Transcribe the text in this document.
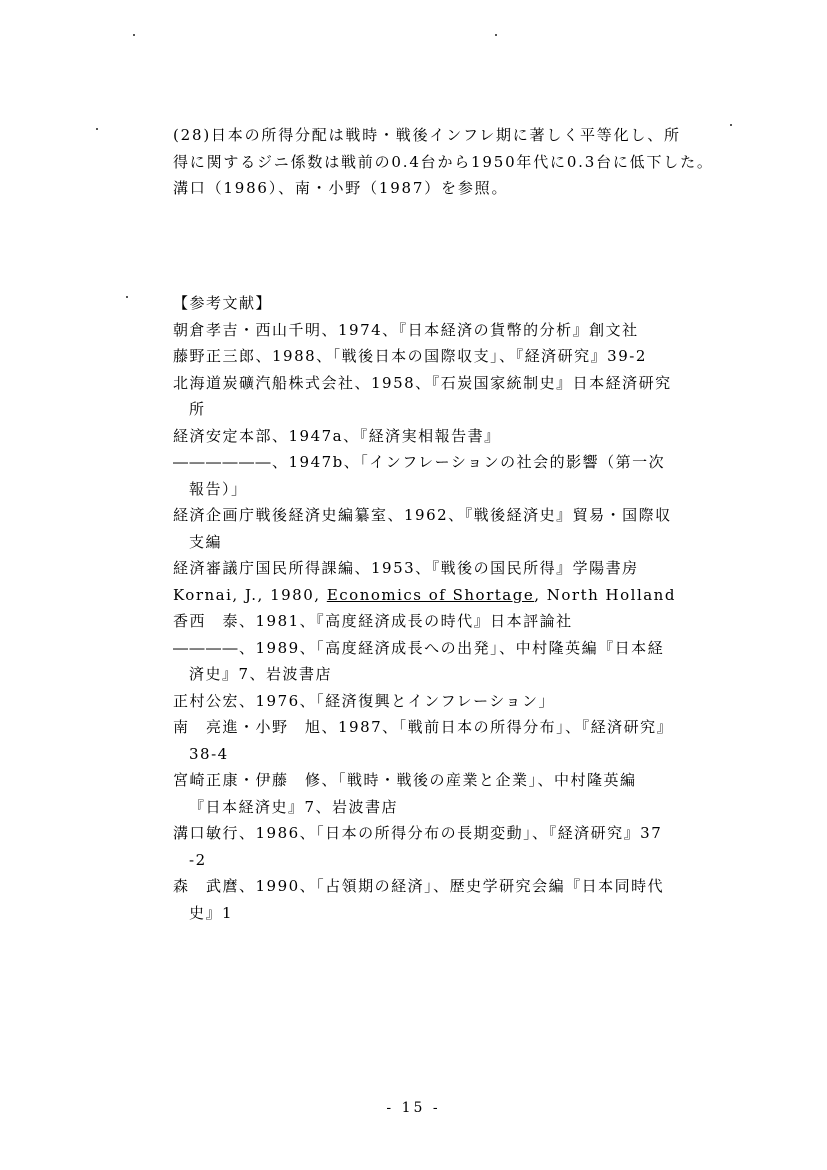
(28)日本の所得分配は戦時・戦後インフレ期に著しく平等化し、所

得に関するジニ係数は戦前の0.4台から1950年代に0.3台に低下した。

溝口（1986）、南・小野（1987）を参照。

【参考文献】

朝倉孝吉・西山千明、1974、『日本経済の貨幣的分析』創文社
藤野正三郎、1988、「戦後日本の国際収支」、『経済研究』39-2
北海道炭礦汽船株式会社、1958、『石炭国家統制史』日本経済研究
所
経済安定本部、1947a、『経済実相報告書』
――――――、1947b、「インフレーションの社会的影響（第一次
報告）」
経済企画庁戦後経済史編纂室、1962、『戦後経済史』貿易・国際収
支編
経済審議庁国民所得課編、1953、『戦後の国民所得』学陽書房
Kornai, J., 1980, Economics of Shortage, North Holland
香西　泰、1981、『高度経済成長の時代』日本評論社
――――、1989、「高度経済成長への出発」、中村隆英編『日本経
済史』7、岩波書店
正村公宏、1976、「経済復興とインフレーション」
南　亮進・小野　旭、1987、「戦前日本の所得分布」、『経済研究』
38-4
宮崎正康・伊藤　修、「戦時・戦後の産業と企業」、中村隆英編
『日本経済史』7、岩波書店
溝口敏行、1986、「日本の所得分布の長期変動」、『経済研究』37
-2
森　武麿、1990、「占領期の経済」、歴史学研究会編『日本同時代
史』1
- 15 -
